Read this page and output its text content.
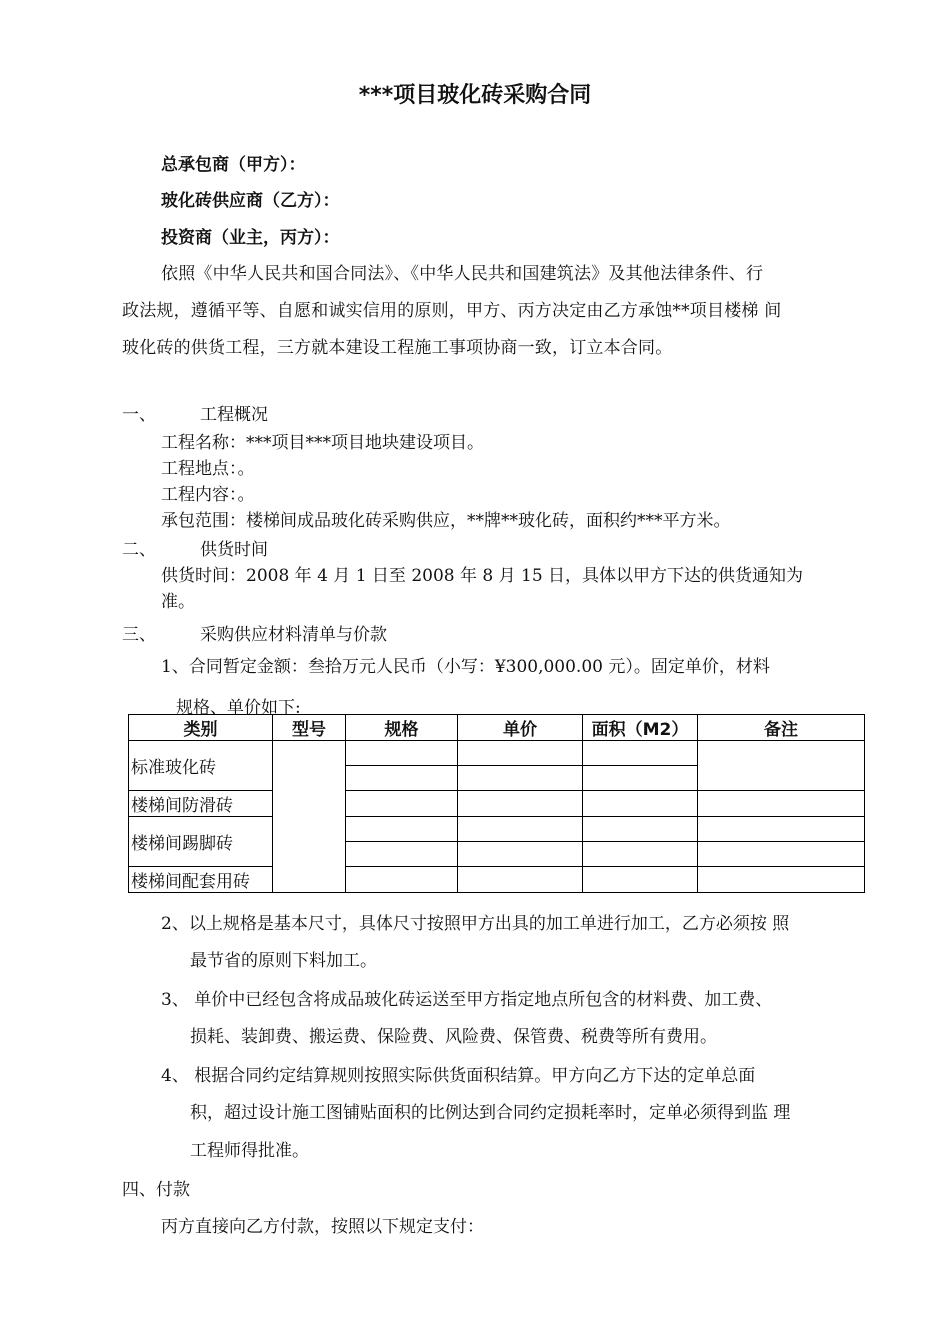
***项目玻化砖采购合同
总承包商（甲方）：
玻化砖供应商（乙方）：
投资商（业主，丙方）：
依照《中华人民共和国合同法》、《中华人民共和国建筑法》及其他法律条件、行
政法规，遵循平等、自愿和诚实信用的原则，甲方、丙方决定由乙方承蚀**项目楼梯 间
玻化砖的供货工程，三方就本建设工程施工事项协商一致，订立本合同。
一、	工程概况
工程名称：***项目***项目地块建设项目。
工程地点：。
工程内容：。
承包范围：楼梯间成品玻化砖采购供应，**牌**玻化砖，面积约***平方米。
二、	供货时间
供货时间：2008 年 4 月 1 日至 2008 年 8 月 15 日，具体以甲方下达的供货通知为
准。
三、	采购供应材料清单与价款
1、合同暂定金额：叁拾万元人民币（小写：¥300,000.00 元）。固定单价，材料
规格、单价如下:
类别	型号	规格	单价	面积（M2）	备注
标准玻化砖					

楼梯间防滑砖					
楼梯间踢脚砖					

楼梯间配套用砖					
2、以上规格是基本尺寸，具体尺寸按照甲方出具的加工单进行加工，乙方必须按 照
最节省的原则下料加工。
3、 单价中已经包含将成品玻化砖运送至甲方指定地点所包含的材料费、加工费、
损耗、装卸费、搬运费、保险费、风险费、保管费、税费等所有费用。
4、 根据合同约定结算规则按照实际供货面积结算。甲方向乙方下达的定单总面
积，超过设计施工图铺贴面积的比例达到合同约定损耗率时，定单必须得到监 理
工程师得批准。
四、付款
丙方直接向乙方付款，按照以下规定支付：
